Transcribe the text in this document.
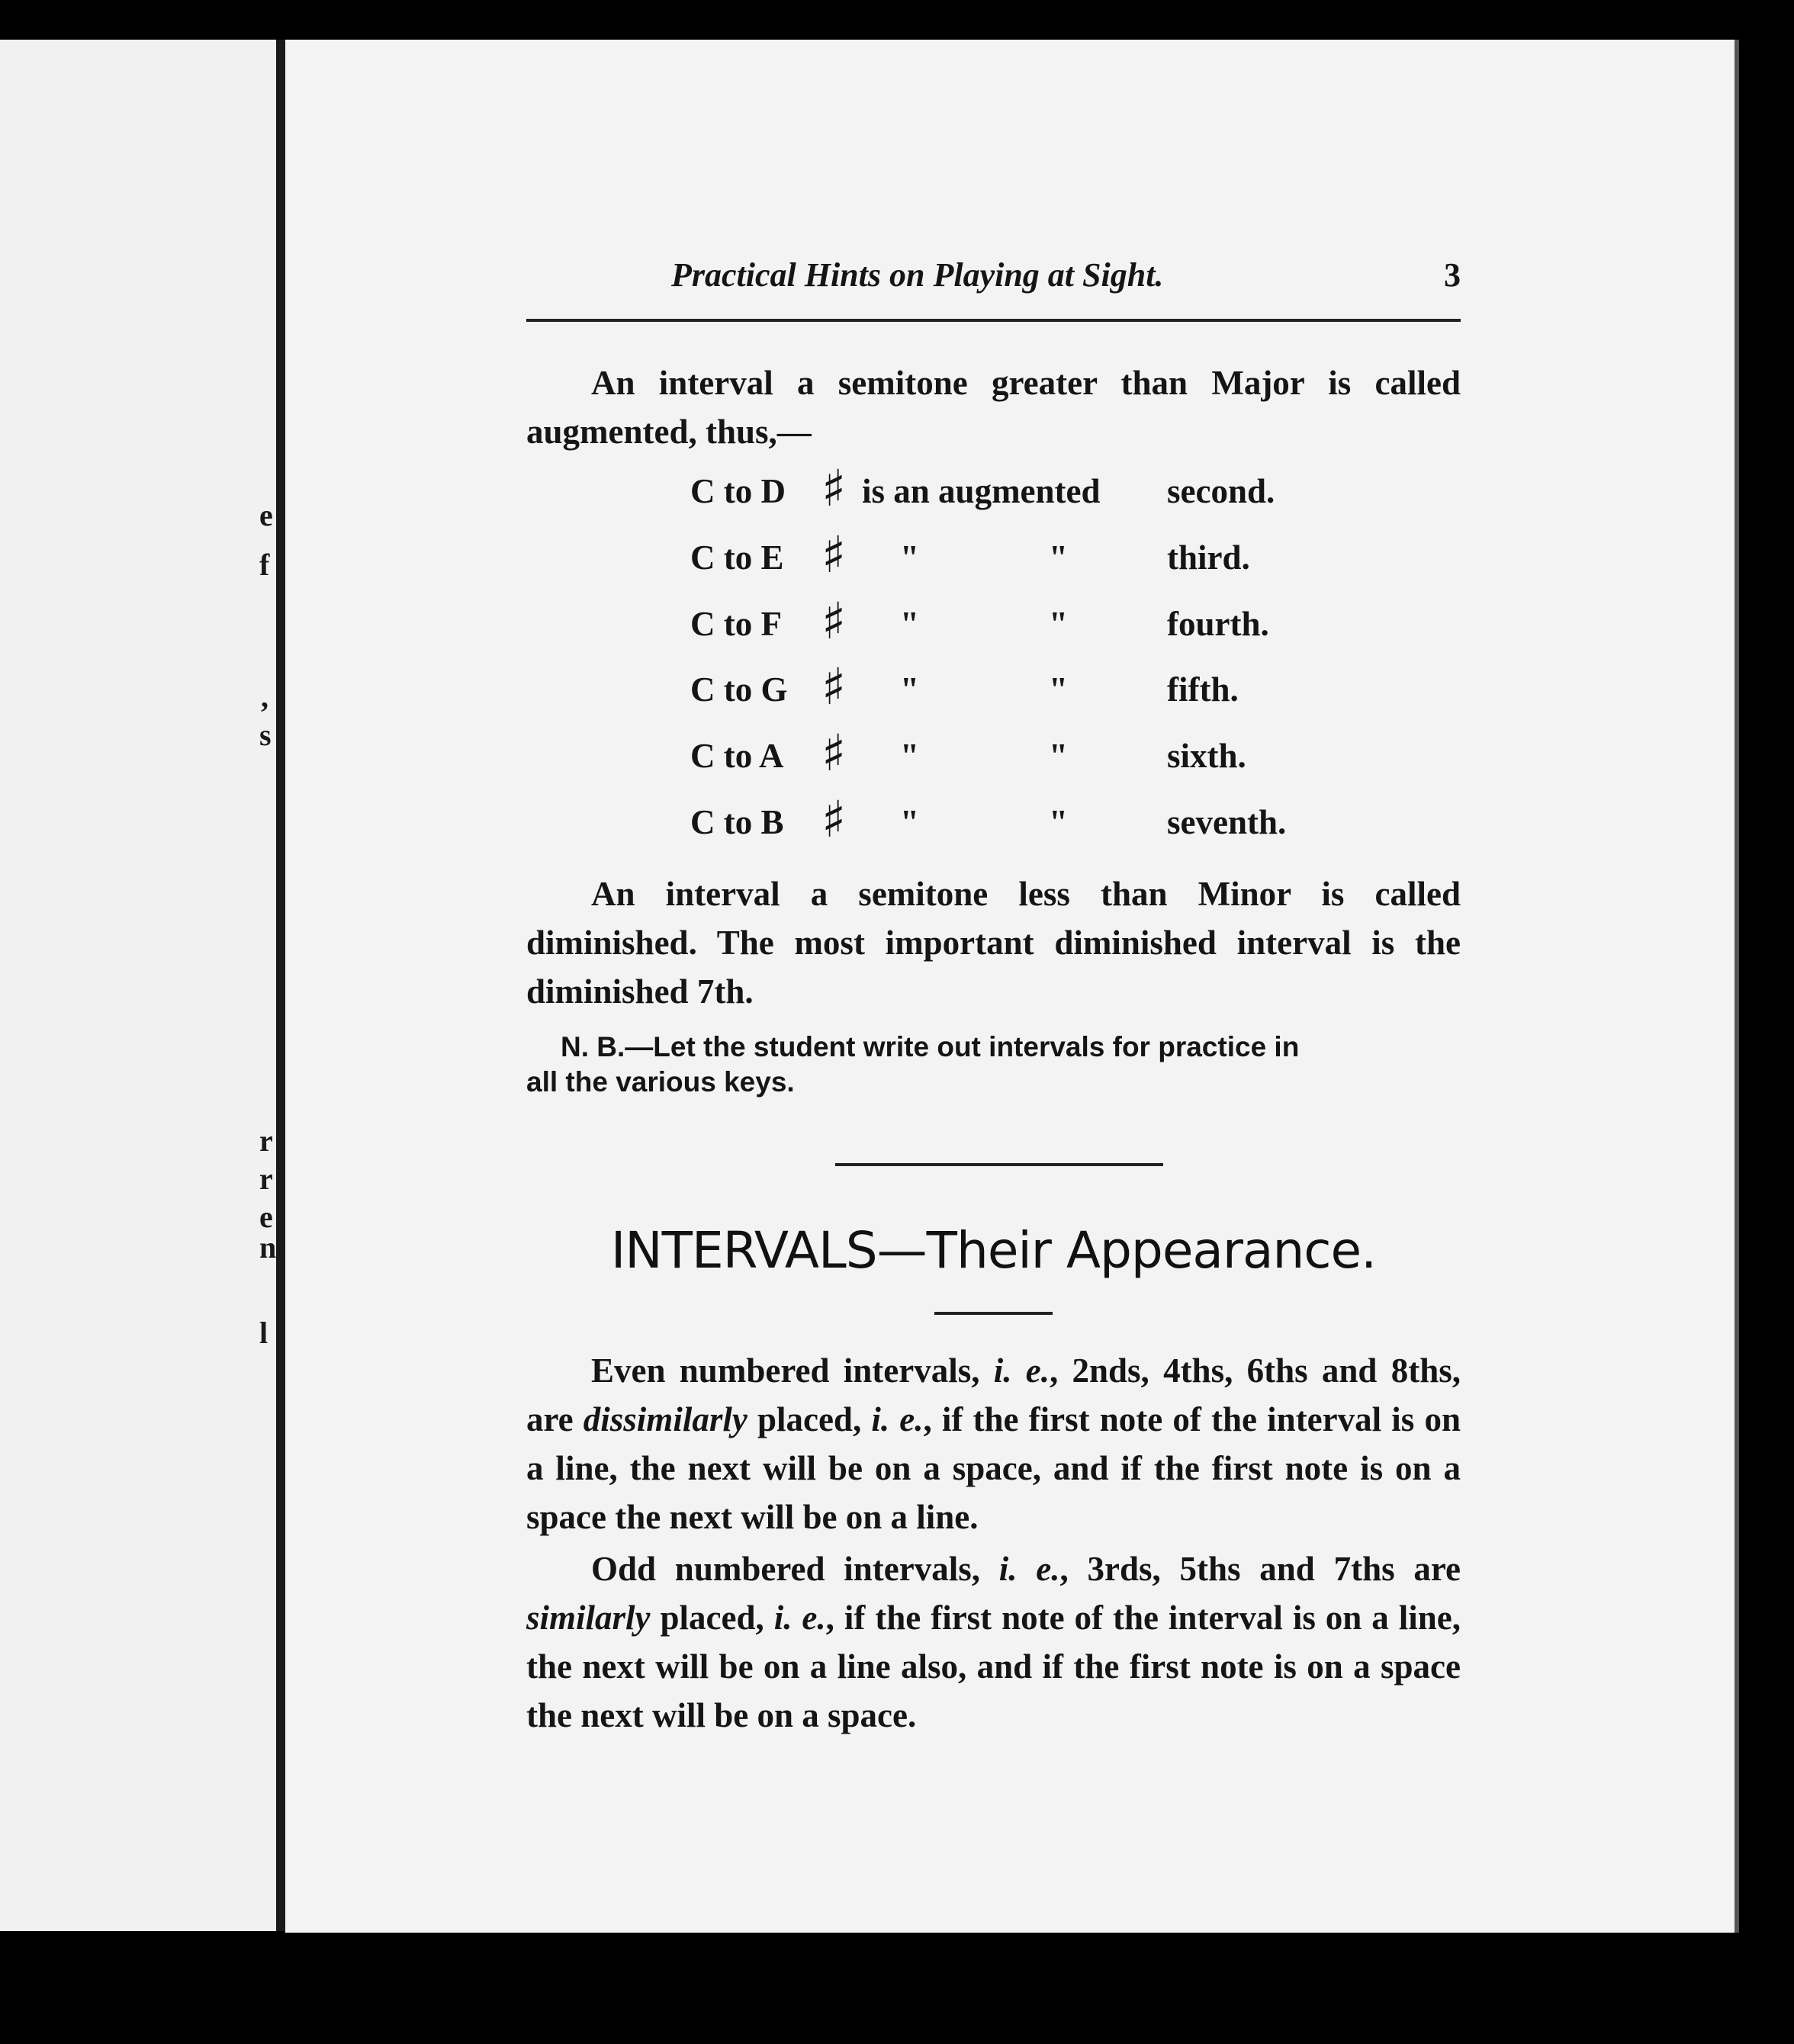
e
f
,
s
r
r
e
n
l
Practical Hints on Playing at Sight.	3
An interval a semitone greater than Major is called augmented, thus,—
C to D ♯ is an augmented second.
C to E ♯ "	"	third.
C to F ♯ "	"	fourth.
C to G ♯ "	"	fifth.
C to A ♯ "	"	sixth.
C to B ♯ "	"	seventh.
An interval a semitone less than Minor is called diminished. The most important diminished interval is the diminished 7th.
N. B.—Let the student write out intervals for practice in
all the various keys.
INTERVALS—Their Appearance.
Even numbered intervals, i. e., 2nds, 4ths, 6ths and 8ths, are dissimilarly placed, i. e., if the first note of the interval is on a line, the next will be on a space, and if the first note is on a space the next will be on a line.
Odd numbered intervals, i. e., 3rds, 5ths and 7ths are similarly placed, i. e., if the first note of the interval is on a line, the next will be on a line also, and if the first note is on a space the next will be on a space.
